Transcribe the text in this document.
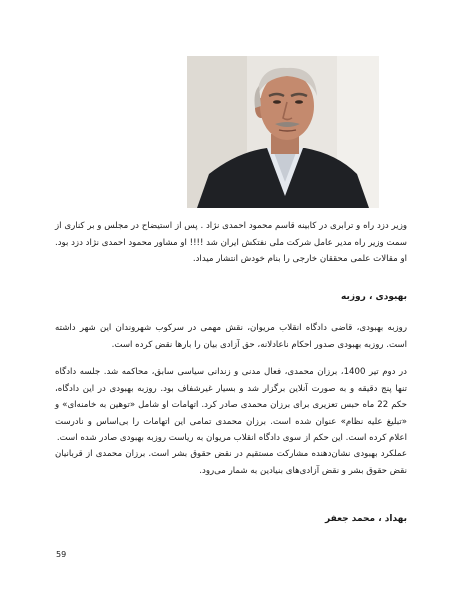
وزیر دزد راه و ترابری در کابینه قاسم محمود احمدی نژاد . پس از استیضاح در مجلس و بر کناری از سمت وزیر راه مدیر عامل شرکت ملی نفتکش ایران شد !!!! او مشاور محمود احمدی نژاد دزد بود. او مقالات علمی محققان خارجی را بنام خودش انتشار میداد.

بهبودی ، روزبه

روزبه بهبودی، قاضی دادگاه انقلاب مریوان، نقش مهمی در سرکوب شهروندان این شهر داشته است. روزبه بهبودی صدور احکام ناعادلانه، حق آزادی بیان را بارها نقض کرده است.

در دوم تیر 1400، برزان محمدی، فعال مدنی و زندانی سیاسی سابق، محاکمه شد. جلسه دادگاه تنها پنج دقیقه و به صورت آنلاین برگزار شد و بسیار غیرشفاف بود. روزبه بهبودی در این دادگاه، حکم 22 ماه حبس تعزیری برای برزان محمدی صادر کرد. اتهامات او شامل «توهین به خامنه‌ای» و «تبلیغ علیه نظام» عنوان شده است. برزان محمدی تمامی این اتهامات را بی‌اساس و نادرست اعلام کرده است. این حکم از سوی دادگاه انقلاب مریوان به ریاست روزبه بهبودی صادر شده است.

عملکرد بهبودی نشان‌دهنده مشارکت مستقیم در نقض حقوق بشر است. برزان محمدی از قربانیان نقض حقوق بشر و نقض آزادی‌های بنیادین به شمار می‌رود.

بهداد ، محمد جعفر
59
